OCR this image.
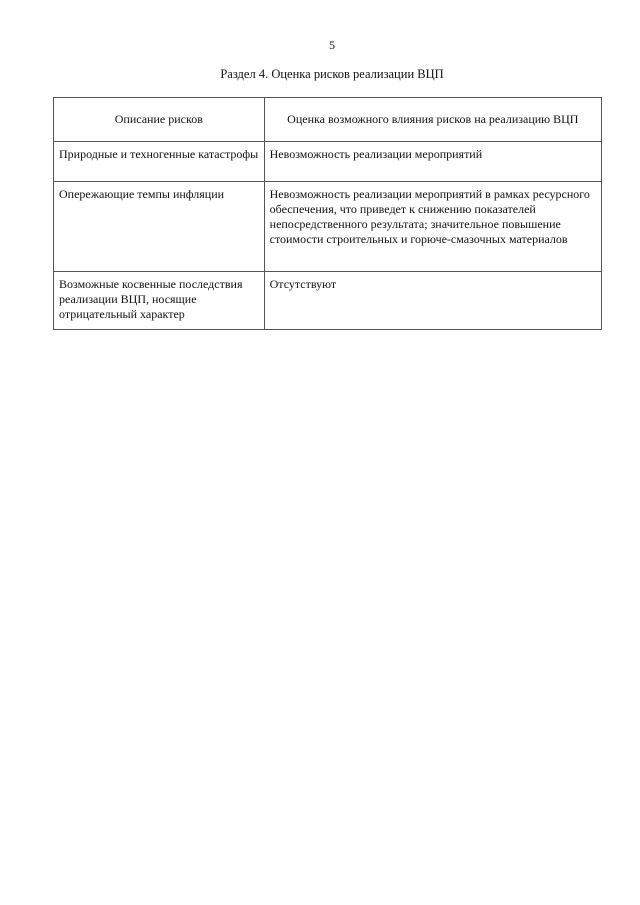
5
Раздел 4. Оценка рисков реализации ВЦП
Описание рисков	Оценка возможного влияния рисков на реализацию ВЦП
Природные и техногенные катастрофы	Невозможность реализации мероприятий
Опережающие темпы инфляции	Невозможность реализации мероприятий в рамках ресурсного обеспечения, что приведет к снижению показателей непосредственного результата; значительное повышение стоимости строительных и горюче-смазочных материалов
Возможные косвенные последствия реализации ВЦП, носящие отрицательный характер	Отсутствуют
